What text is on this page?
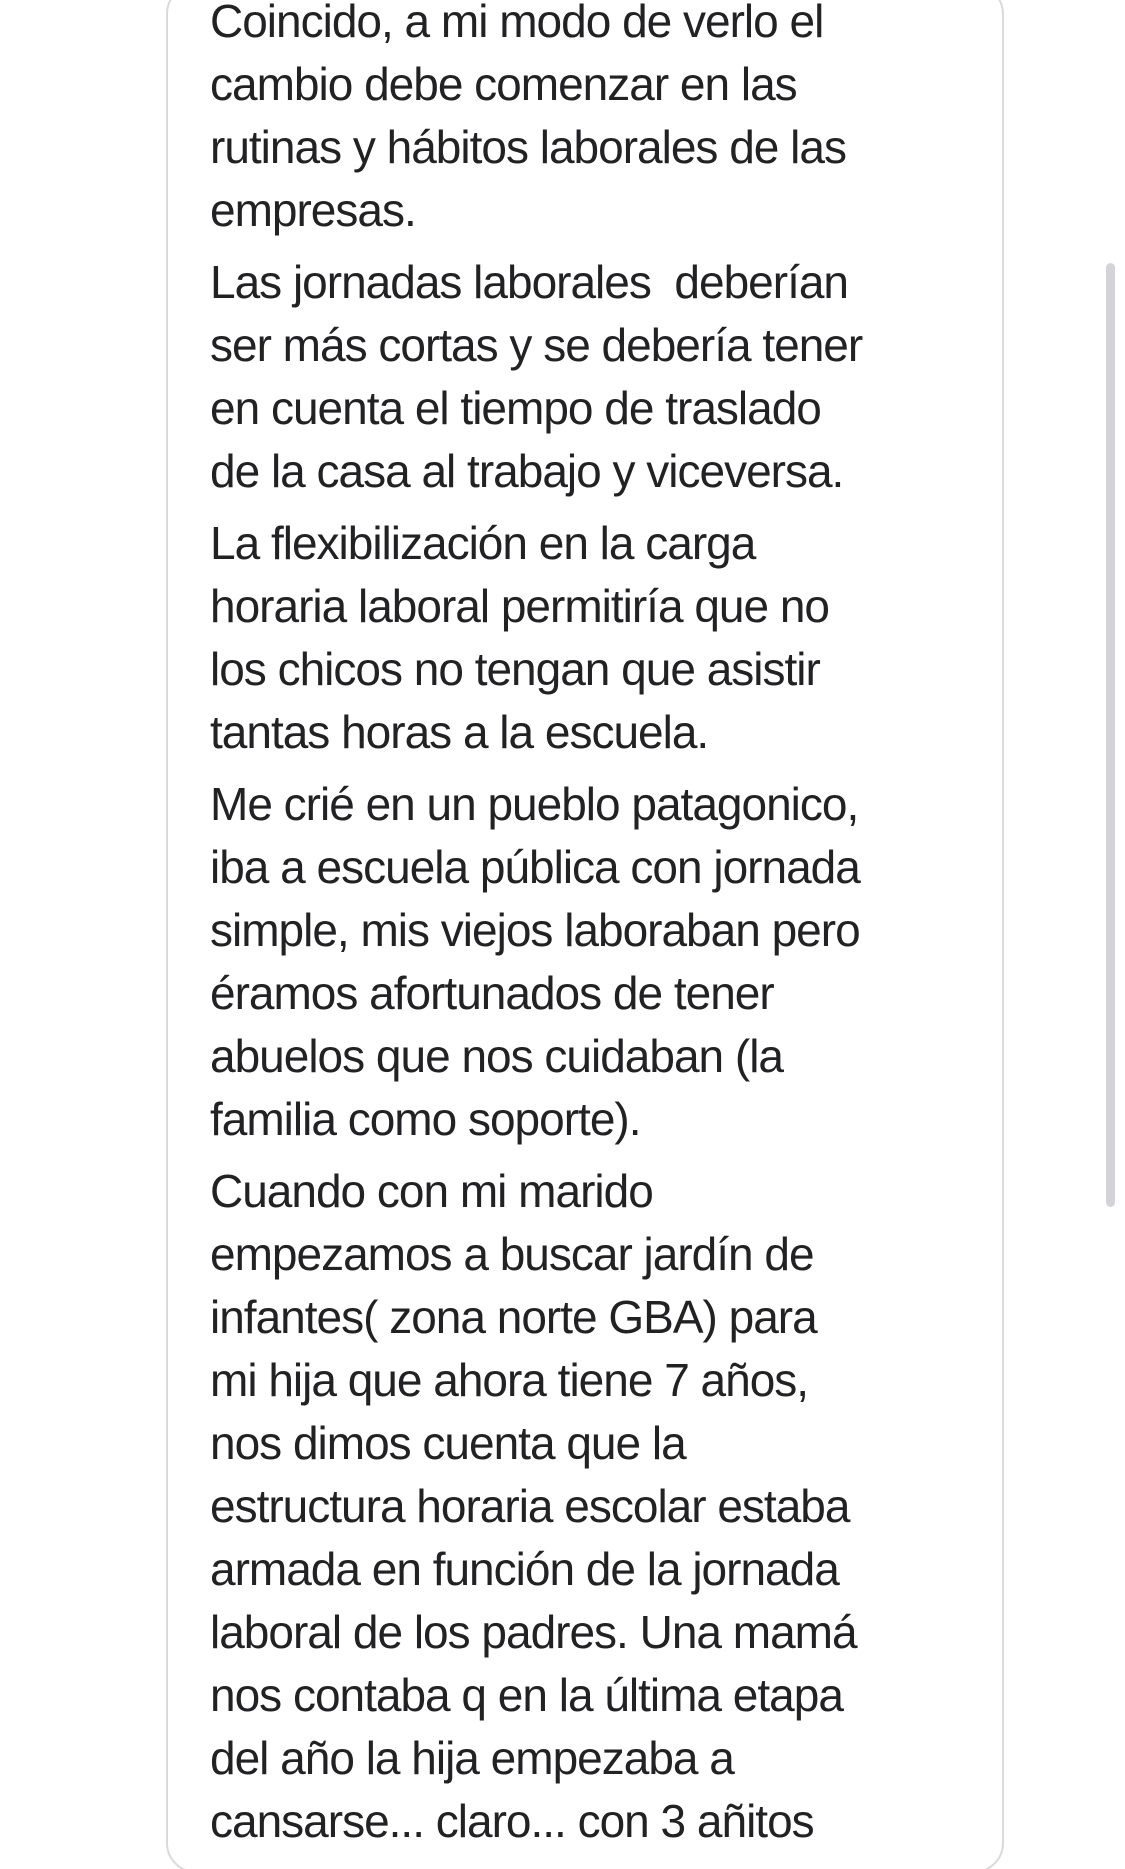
Coincido, a mi modo de verlo el
cambio debe comenzar en las
rutinas y hábitos laborales de las
empresas.
Las jornadas laborales  deberían
ser más cortas y se debería tener
en cuenta el tiempo de traslado
de la casa al trabajo y viceversa.
La flexibilización en la carga
horaria laboral permitiría que no
los chicos no tengan que asistir
tantas horas a la escuela.
Me crié en un pueblo patagonico,
iba a escuela pública con jornada
simple, mis viejos laboraban pero
éramos afortunados de tener
abuelos que nos cuidaban (la
familia como soporte).
Cuando con mi marido
empezamos a buscar jardín de
infantes( zona norte GBA) para
mi hija que ahora tiene 7 años,
nos dimos cuenta que la
estructura horaria escolar estaba
armada en función de la jornada
laboral de los padres. Una mamá
nos contaba q en la última etapa
del año la hija empezaba a
cansarse... claro... con 3 añitos
